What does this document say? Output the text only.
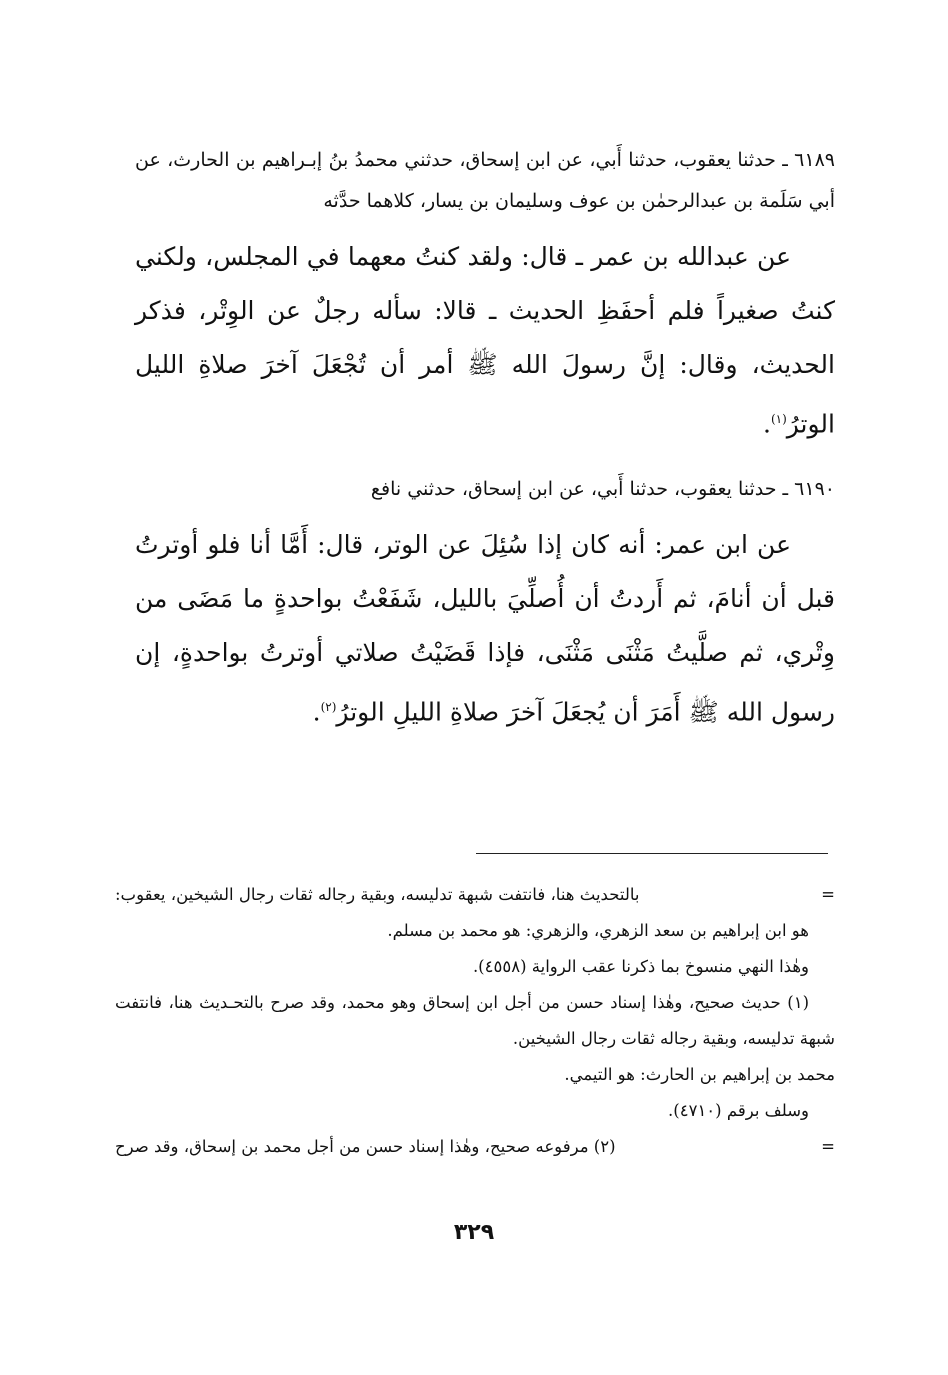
٦١٨٩ ـ حدثنا يعقوب، حدثنا أَبي، عن ابن إسحاق، حدثني محمدُ بنُ إبـراهيم بن الحارث، عن أبي سَلَمة بن عبدالرحمٰن بن عوف وسليمان بن يسار، كلاهما حدَّثه

عن عبدالله بن عمر ـ قال: ولقد كنتُ معهما في المجلس، ولكني كنتُ صغيراً فلم أحفَظِ الحديث ـ قالا: سأله رجلٌ عن الوِتْر، فذكر الحديث، وقال: إنَّ رسولَ الله ﷺ أمر أن تُجْعَلَ آخرَ صلاةِ الليل الوترُ$^{(١)}$.

٦١٩٠ ـ حدثنا يعقوب، حدثنا أَبي، عن ابن إسحاق، حدثني نافع

عن ابن عمر: أنه كان إذا سُئِلَ عن الوتر، قال: أَمَّا أنا فلو أوترتُ قبل أن أنامَ، ثم أَردتُ أن أُصلِّيَ بالليل، شَفَعْتُ بواحدةٍ ما مَضَى من وِتْري، ثم صلَّيتُ مَثْنَى مَثْنَى، فإذا قَضَيْتُ صلاتي أوترتُ بواحدةٍ، إن رسول الله ﷺ أَمَرَ أن يُجعَلَ آخرَ صلاةِ الليلِ الوترُ$^{(٢)}$.

=
بالتحديث هنا، فانتفت شبهة تدليسه، وبقية رجاله ثقات رجال الشيخين، يعقوب:

هو ابن إبراهيم بن سعد الزهري، والزهري: هو محمد بن مسلم.

وهٰذا النهي منسوخ بما ذكرنا عقب الرواية (٤٥٥٨).

(١) حديث صحيح، وهٰذا إسناد حسن من أجل ابن إسحاق وهو محمد، وقد صرح بالتحـديث هنا، فانتفت شبهة تدليسه، وبقية رجاله ثقات رجال الشيخين.

محمد بن إبراهيم بن الحارث: هو التيمي.

وسلف برقم (٤٧١٠).

=
(٢) مرفوعه صحيح، وهٰذا إسناد حسن من أجل محمد بن إسحاق، وقد صرح
٣٢٩
